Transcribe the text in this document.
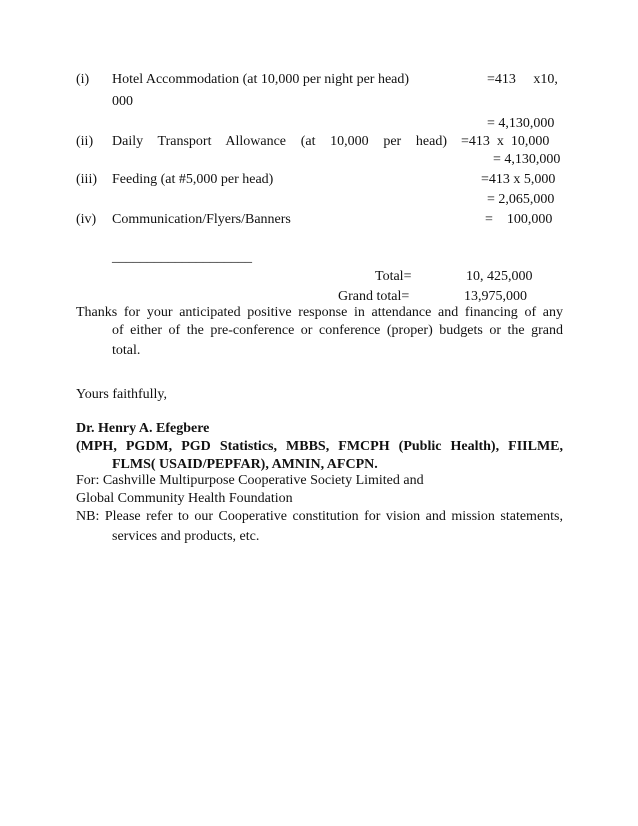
(i) Hotel Accommodation (at 10,000 per night per head)	=413     x10,
000
= 4,130,000
(ii) Daily Transport Allowance (at 10,000 per head) =413  x  10,000
= 4,130,000
(iii) Feeding (at #5,000 per head)	=413 x 5,000
= 2,065,000
(iv) Communication/Flyers/Banners	=    100,000
____________________
Total=	10, 425,000
Grand total=	13,975,000
Thanks for your anticipated positive response in attendance and financing of any
of either of the pre-conference or conference (proper) budgets or the grand
total.
Yours faithfully,
Dr. Henry A. Efegbere
(MPH, PGDM, PGD Statistics, MBBS, FMCPH (Public Health), FIILME,
FLMS( USAID/PEPFAR), AMNIN, AFCPN.
For: Cashville Multipurpose Cooperative Society Limited and
Global Community Health Foundation
NB: Please refer to our Cooperative constitution for vision and mission statements,
services and products, etc.
